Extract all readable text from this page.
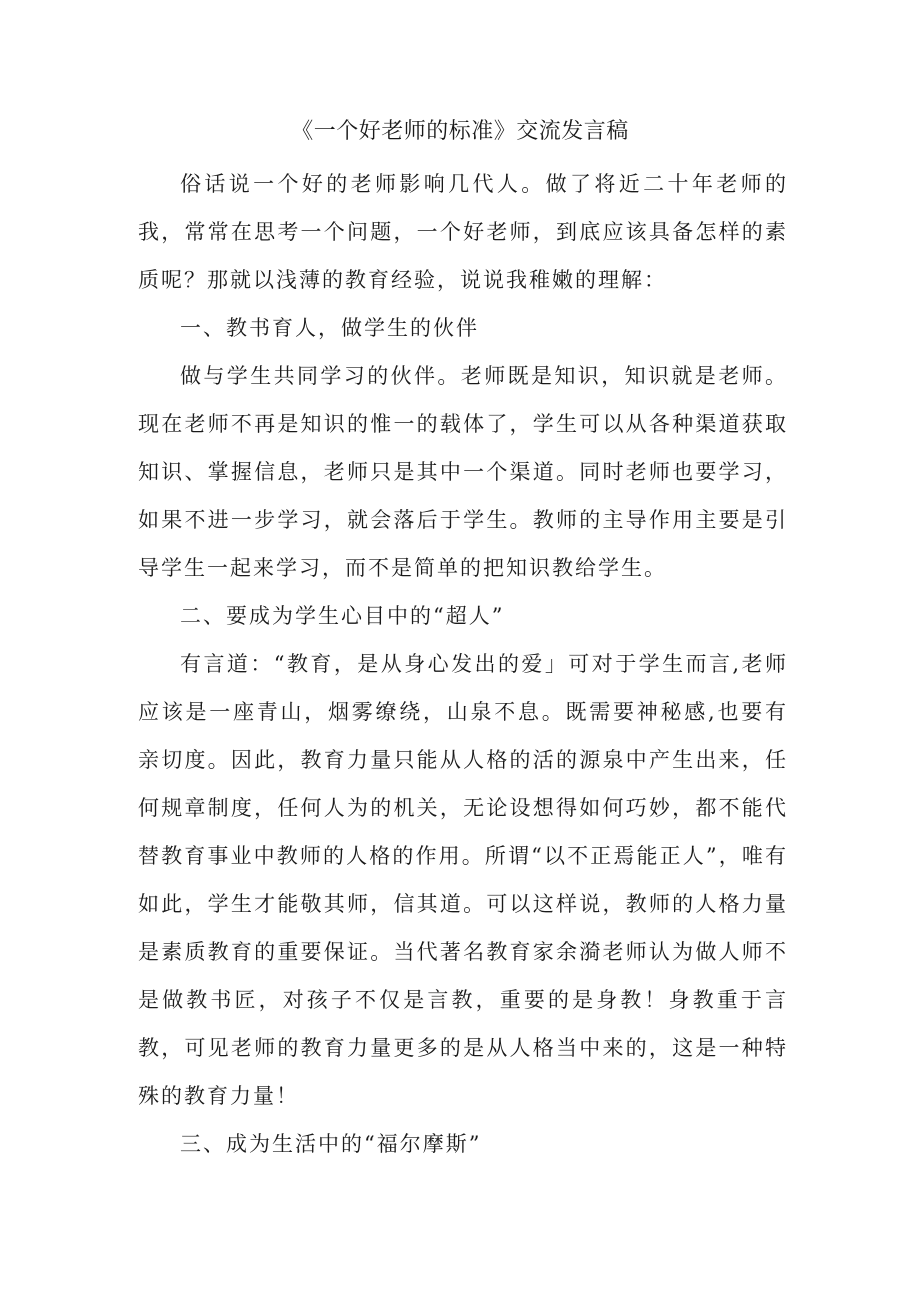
《一个好老师的标准》交流发言稿

俗话说一个好的老师影响几代人。做了将近二十年老师的我，常常在思考一个问题，一个好老师，到底应该具备怎样的素质呢？那就以浅薄的教育经验，说说我稚嫩的理解：

一、教书育人，做学生的伙伴

做与学生共同学习的伙伴。老师既是知识，知识就是老师。现在老师不再是知识的惟一的载体了，学生可以从各种渠道获取知识、掌握信息，老师只是其中一个渠道。同时老师也要学习，如果不进一步学习，就会落后于学生。教师的主导作用主要是引导学生一起来学习，而不是简单的把知识教给学生。

二、要成为学生心目中的“超人”

有言道：“教育，是从身心发出的爱」可对于学生而言,老师应该是一座青山，烟雾缭绕，山泉不息。既需要神秘感,也要有亲切度。因此，教育力量只能从人格的活的源泉中产生出来，任何规章制度，任何人为的机关，无论设想得如何巧妙，都不能代替教育事业中教师的人格的作用。所谓“以不正焉能正人”，唯有如此，学生才能敬其师，信其道。可以这样说，教师的人格力量是素质教育的重要保证。当代著名教育家余漪老师认为做人师不是做教书匠，对孩子不仅是言教，重要的是身教！身教重于言教，可见老师的教育力量更多的是从人格当中来的，这是一种特殊的教育力量！

三、成为生活中的“福尔摩斯”
